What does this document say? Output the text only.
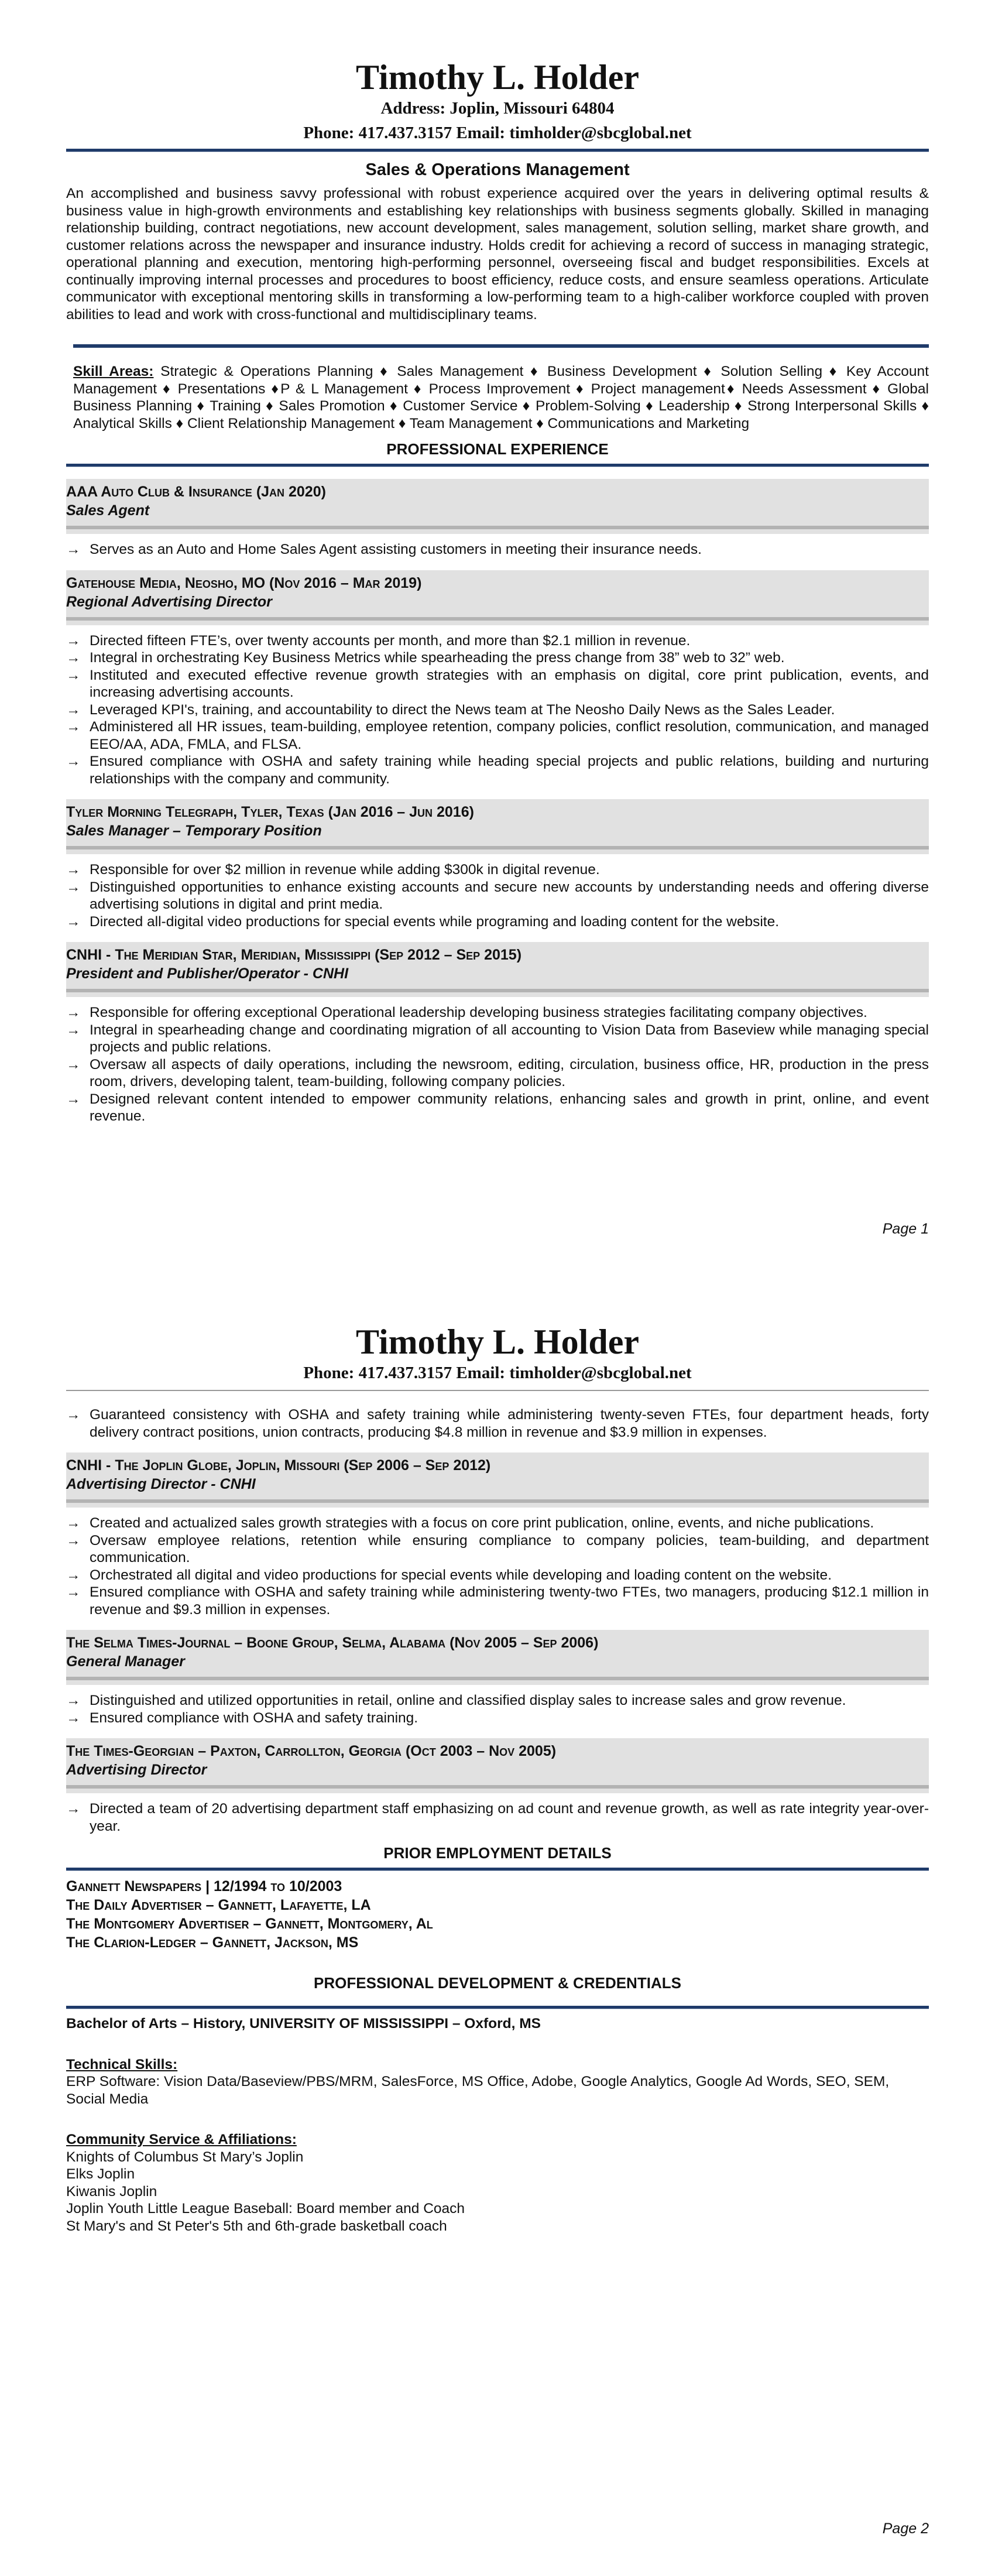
Timothy L. Holder
Address: Joplin, Missouri 64804
Phone: 417.437.3157 Email: timholder@sbcglobal.net
Sales & Operations Management

An accomplished and business savvy professional with robust experience acquired over the years in delivering optimal results & business value in high-growth environments and establishing key relationships with business segments globally. Skilled in managing relationship building, contract negotiations, new account development, sales management, solution selling, market share growth, and customer relations across the newspaper and insurance industry. Holds credit for achieving a record of success in managing strategic, operational planning and execution, mentoring high-performing personnel, overseeing fiscal and budget responsibilities. Excels at continually improving internal processes and procedures to boost efficiency, reduce costs, and ensure seamless operations. Articulate communicator with exceptional mentoring skills in transforming a low-performing team to a high-caliber workforce coupled with proven abilities to lead and work with cross-functional and multidisciplinary teams.

Skill Areas: Strategic & Operations Planning ♦ Sales Management ♦ Business Development ♦ Solution Selling ♦ Key Account Management ♦ Presentations ♦P & L Management ♦ Process Improvement ♦ Project management♦ Needs Assessment ♦ Global Business Planning ♦ Training ♦ Sales Promotion ♦ Customer Service ♦ Problem-Solving ♦ Leadership ♦ Strong Interpersonal Skills ♦ Analytical Skills ♦ Client Relationship Management ♦ Team Management ♦ Communications and Marketing

PROFESSIONAL EXPERIENCE
AAA Auto Club & Insurance (Jan 2020)
Sales Agent
→ Serves as an Auto and Home Sales Agent assisting customers in meeting their insurance needs.
Gatehouse Media, Neosho, MO (Nov 2016 – Mar 2019)
Regional Advertising Director
→ Directed fifteen FTE’s, over twenty accounts per month, and more than $2.1 million in revenue.
→ Integral in orchestrating Key Business Metrics while spearheading the press change from 38” web to 32” web.
→ Instituted and executed effective revenue growth strategies with an emphasis on digital, core print publication, events, and increasing advertising accounts.
→ Leveraged KPI's, training, and accountability to direct the News team at The Neosho Daily News as the Sales Leader.
→ Administered all HR issues, team-building, employee retention, company policies, conflict resolution, communication, and managed EEO/AA, ADA, FMLA, and FLSA.
→ Ensured compliance with OSHA and safety training while heading special projects and public relations, building and nurturing relationships with the company and community.
Tyler Morning Telegraph, Tyler, Texas (Jan 2016 – Jun 2016)
Sales Manager – Temporary Position
→ Responsible for over $2 million in revenue while adding $300k in digital revenue.
→ Distinguished opportunities to enhance existing accounts and secure new accounts by understanding needs and offering diverse advertising solutions in digital and print media.
→ Directed all-digital video productions for special events while programing and loading content for the website.
CNHI - The Meridian Star, Meridian, Mississippi (Sep 2012 – Sep 2015)
President and Publisher/Operator - CNHI
→ Responsible for offering exceptional Operational leadership developing business strategies facilitating company objectives.
→ Integral in spearheading change and coordinating migration of all accounting to Vision Data from Baseview while managing special projects and public relations.
→ Oversaw all aspects of daily operations, including the newsroom, editing, circulation, business office, HR, production in the press room, drivers, developing talent, team-building, following company policies.
→ Designed relevant content intended to empower community relations, enhancing sales and growth in print, online, and event revenue.
Page 1
Timothy L. Holder
Phone: 417.437.3157 Email: timholder@sbcglobal.net
→ Guaranteed consistency with OSHA and safety training while administering twenty-seven FTEs, four department heads, forty delivery contract positions, union contracts, producing $4.8 million in revenue and $3.9 million in expenses.
CNHI - The Joplin Globe, Joplin, Missouri (Sep 2006 – Sep 2012)
Advertising Director - CNHI
→ Created and actualized sales growth strategies with a focus on core print publication, online, events, and niche publications.
→ Oversaw employee relations, retention while ensuring compliance to company policies, team-building, and department communication.
→ Orchestrated all digital and video productions for special events while developing and loading content on the website.
→ Ensured compliance with OSHA and safety training while administering twenty-two FTEs, two managers, producing $12.1 million in revenue and $9.3 million in expenses.
The Selma Times-Journal – Boone Group, Selma, Alabama (Nov 2005 – Sep 2006)
General Manager
→ Distinguished and utilized opportunities in retail, online and classified display sales to increase sales and grow revenue.
→ Ensured compliance with OSHA and safety training.
The Times-Georgian – Paxton, Carrollton, Georgia (Oct 2003 – Nov 2005)
Advertising Director
→ Directed a team of 20 advertising department staff emphasizing on ad count and revenue growth, as well as rate integrity year-over-year.
PRIOR EMPLOYMENT DETAILS
Gannett Newspapers | 12/1994 to 10/2003
The Daily Advertiser – Gannett, Lafayette, LA
The Montgomery Advertiser – Gannett, Montgomery, Al
The Clarion-Ledger – Gannett, Jackson, MS
PROFESSIONAL DEVELOPMENT & CREDENTIALS
Bachelor of Arts – History, UNIVERSITY OF MISSISSIPPI – Oxford, MS
Technical Skills:
ERP Software: Vision Data/Baseview/PBS/MRM, SalesForce, MS Office, Adobe, Google Analytics, Google Ad Words, SEO, SEM, Social Media
Community Service & Affiliations:
Knights of Columbus St Mary’s Joplin
Elks Joplin
Kiwanis Joplin
Joplin Youth Little League Baseball: Board member and Coach
St Mary's and St Peter's 5th and 6th-grade basketball coach
Page 2
